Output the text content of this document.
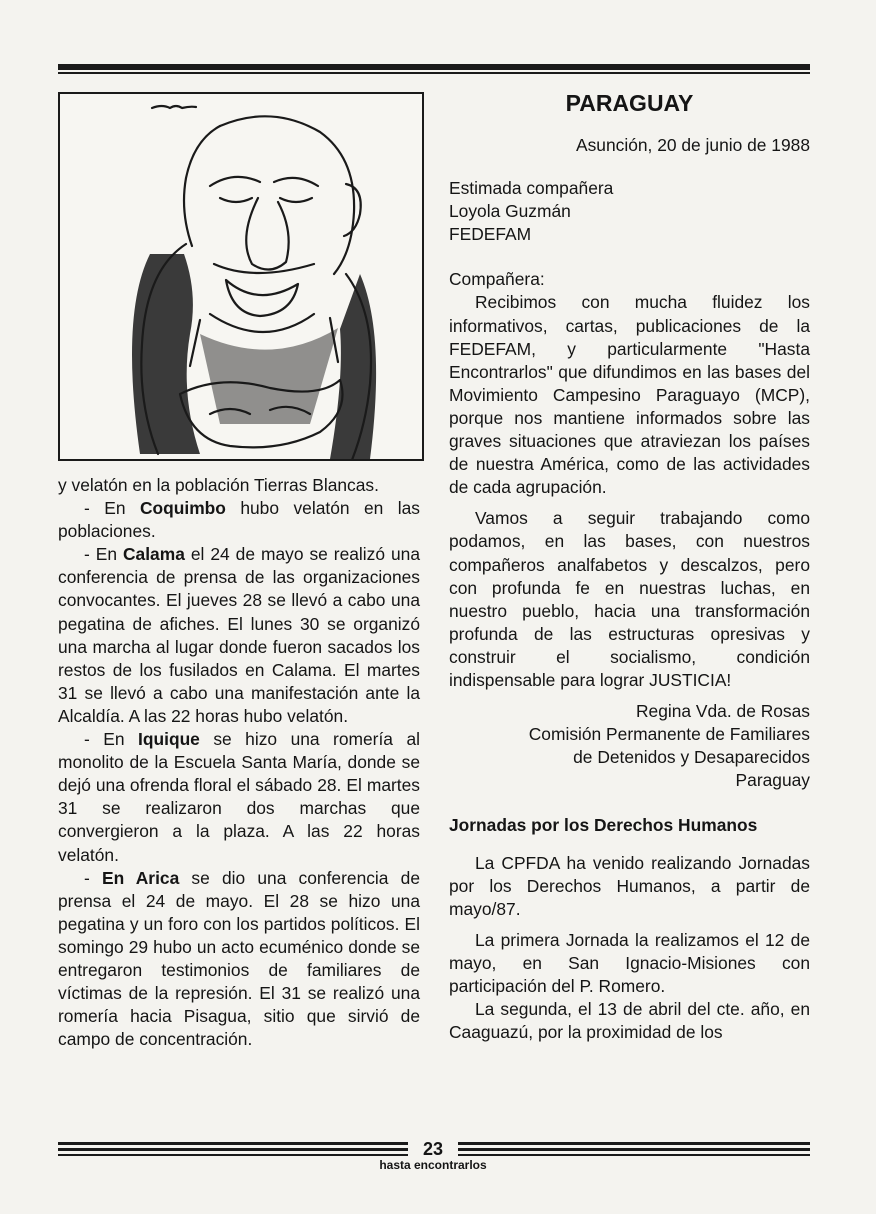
y velatón en la población Tierras Blancas.

- En Coquimbo hubo velatón en las poblaciones.

- En Calama el 24 de mayo se realizó una conferencia de prensa de las organizaciones convocantes. El jueves 28 se llevó a cabo una pegatina de afiches. El lunes 30 se organizó una marcha al lugar donde fueron sacados los restos de los fusilados en Calama. El martes 31 se llevó a cabo una manifestación ante la Alcaldía. A las 22 horas hubo velatón.

- En Iquique se hizo una romería al monolito de la Escuela Santa María, donde se dejó una ofrenda floral el sábado 28. El martes 31 se realizaron dos marchas que convergieron a la plaza. A las 22 horas velatón.

- En Arica se dio una conferencia de prensa el 24 de mayo. El 28 se hizo una pegatina y un foro con los partidos políticos. El somingo 29 hubo un acto ecuménico donde se entregaron testimonios de familiares de víctimas de la represión. El 31 se realizó una romería hacia Pisagua, sitio que sirvió de campo de concentración.

PARAGUAY

Asunción, 20 de junio de 1988

Estimada compañera

Loyola Guzmán

FEDEFAM

Compañera:

Recibimos con mucha fluidez los informativos, cartas, publicaciones de la FEDEFAM, y particularmente "Hasta Encontrarlos" que difundimos en las bases del Movimiento Campesino Paraguayo (MCP), porque nos mantiene informados sobre las graves situaciones que atraviezan los países de nuestra América, como de las actividades de cada agrupación.

Vamos a seguir trabajando como podamos, en las bases, con nuestros compañeros analfabetos y descalzos, pero con profunda fe en nuestras luchas, en nuestro pueblo, hacia una transformación profunda de las estructuras opresivas y construir el socialismo, condición indispensable para lograr JUSTICIA!

Regina Vda. de Rosas

Comisión Permanente de Familiares

de Detenidos y Desaparecidos

Paraguay

Jornadas por los Derechos Humanos

La CPFDA ha venido realizando Jornadas por los Derechos Humanos, a partir de mayo/87.

La primera Jornada la realizamos el 12 de mayo, en San Ignacio-Misiones con participación del P. Romero.

La segunda, el 13 de abril del cte. año, en Caaguazú, por la proximidad de los

23
hasta encontrarlos
